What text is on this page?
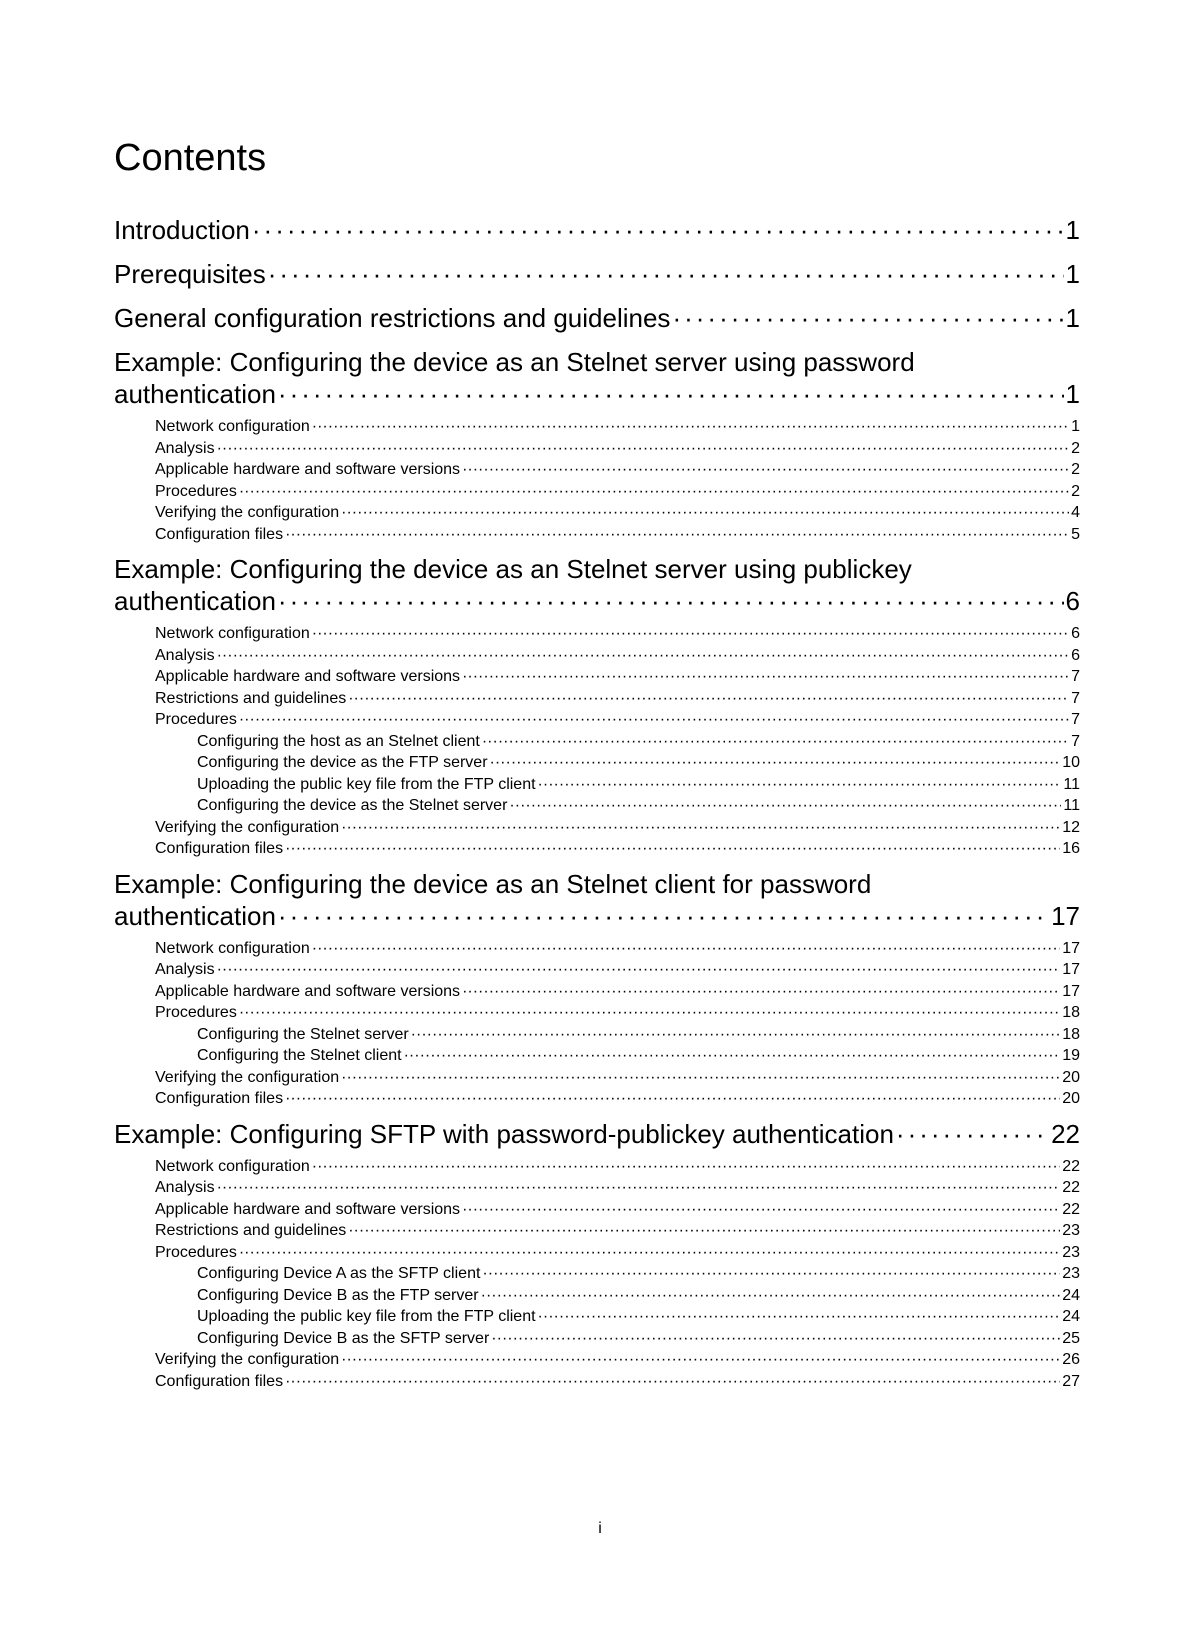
Contents
Introduction ·····	1
Prerequisites ·····	1
General configuration restrictions and guidelines ·····	1
Example: Configuring the device as an Stelnet server using password
authentication ·····	1
Network configuration ·····	1
Analysis ·····	2
Applicable hardware and software versions ·····	2
Procedures ·····	2
Verifying the configuration ·····	4
Configuration files ·····	5
Example: Configuring the device as an Stelnet server using publickey
authentication ·····	6
Network configuration ·····	6
Analysis ·····	6
Applicable hardware and software versions ·····	7
Restrictions and guidelines ·····	7
Procedures ·····	7
Configuring the host as an Stelnet client ·····	7
Configuring the device as the FTP server ·····	10
Uploading the public key file from the FTP client ·····	11
Configuring the device as the Stelnet server ·····	11
Verifying the configuration ·····	12
Configuration files ·····	16
Example: Configuring the device as an Stelnet client for password
authentication ·····	17
Network configuration ·····	17
Analysis ·····	17
Applicable hardware and software versions ·····	17
Procedures ·····	18
Configuring the Stelnet server ·····	18
Configuring the Stelnet client ·····	19
Verifying the configuration ·····	20
Configuration files ·····	20
Example: Configuring SFTP with password-publickey authentication ·····	22
Network configuration ·····	22
Analysis ·····	22
Applicable hardware and software versions ·····	22
Restrictions and guidelines ·····	23
Procedures ·····	23
Configuring Device A as the SFTP client ·····	23
Configuring Device B as the FTP server ·····	24
Uploading the public key file from the FTP client ·····	24
Configuring Device B as the SFTP server ·····	25
Verifying the configuration ·····	26
Configuration files ·····	27
i
